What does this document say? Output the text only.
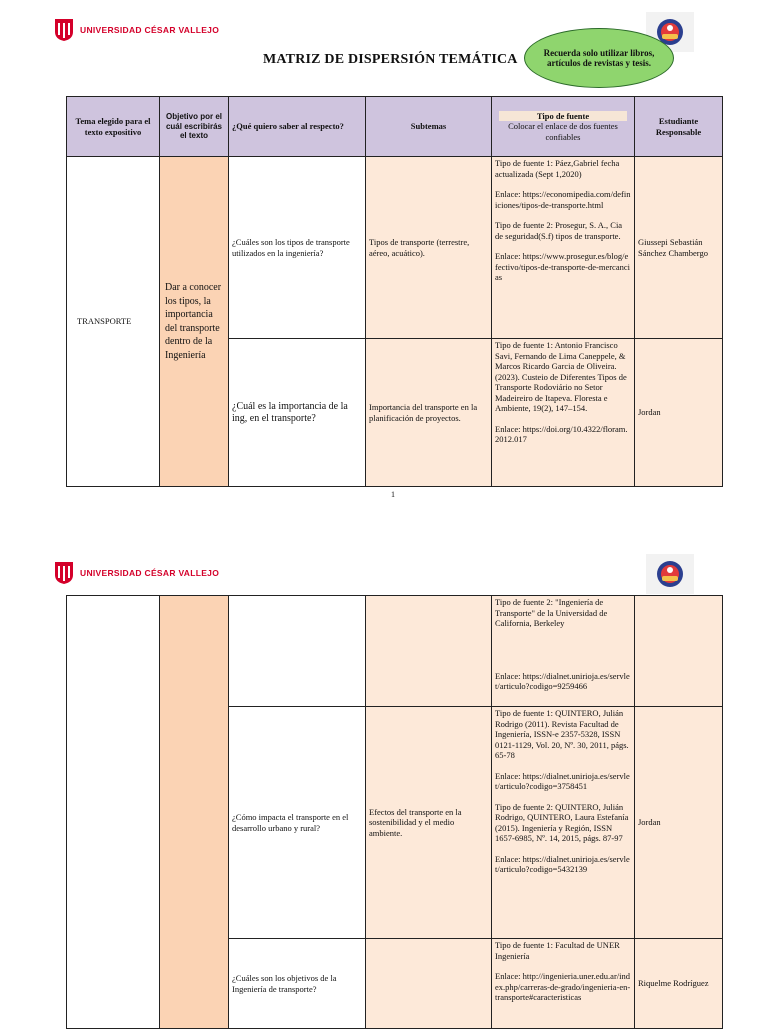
UNIVERSIDAD CÉSAR VALLEJO
MATRIZ DE DISPERSIÓN TEMÁTICA	Recuerda solo utilizar libros, artículos de revistas y tesis.
Tema elegido para el texto expositivo	Objetivo por el cuál escribirás el texto	¿Qué quiero saber al respecto?	Subtemas	Tipo de fuente
Colocar el enlace de dos fuentes confiables	Estudiante Responsable
TRANSPORTE	Dar a conocer los tipos, la importancia del transporte dentro de la Ingeniería	¿Cuáles son los tipos de transporte utilizados en la ingeniería?	Tipos de transporte (terrestre, aéreo, acuático).	Tipo de fuente 1: Páez,Gabriel fecha actualizada (Sept 1,2020)

Enlace: https://economipedia.com/definiciones/tipos-de-transporte.html

Tipo de fuente 2: Prosegur, S. A., Cia de seguridad(S.f) tipos de transporte.

Enlace: https://www.prosegur.es/blog/efectivo/tipos-de-transporte-de-mercancias	Giussepi Sebastián Sánchez Chambergo
		¿Cuál es la importancia de la ing, en el transporte?	Importancia del transporte en la planificación de proyectos.	Tipo de fuente 1: Antonio Francisco Savi, Fernando de Lima Caneppele, & Marcos Ricardo Garcia de Oliveira. (2023). Custeio de Diferentes Tipos de Transporte Rodoviário no Setor Madeireiro de Itapeva. Floresta e Ambiente, 19(2), 147–154.

Enlace: https://doi.org/10.4322/floram.2012.017	Jordan
1
UNIVERSIDAD CÉSAR VALLEJO

				Tipo de fuente 2: "Ingeniería de Transporte" de la Universidad de California, Berkeley

Enlace: https://dialnet.unirioja.es/servlet/articulo?codigo=9259466	

		¿Cómo impacta el transporte en el desarrollo urbano y rural?	Efectos del transporte en la sostenibilidad y el medio ambiente.	Tipo de fuente 1: QUINTERO, Julián Rodrigo (2011). Revista Facultad de Ingeniería, ISSN-e 2357-5328, ISSN 0121-1129, Vol. 20, Nº. 30, 2011, págs. 65-78

Enlace: https://dialnet.unirioja.es/servlet/articulo?codigo=3758451

Tipo de fuente 2: QUINTERO, Julián Rodrigo, QUINTERO, Laura Estefanía (2015). Ingeniería y Región, ISSN 1657-6985, Nº. 14, 2015, págs. 87-97

Enlace: https://dialnet.unirioja.es/servlet/articulo?codigo=5432139	Jordan
		¿Cuáles son los objetivos de la Ingeniería de transporte?		Tipo de fuente 1: Facultad de UNER Ingeniería

Enlace: http://ingenieria.uner.edu.ar/index.php/carreras-de-grado/ingenieria-en-transporte#caracteristicas	Riquelme Rodríguez
